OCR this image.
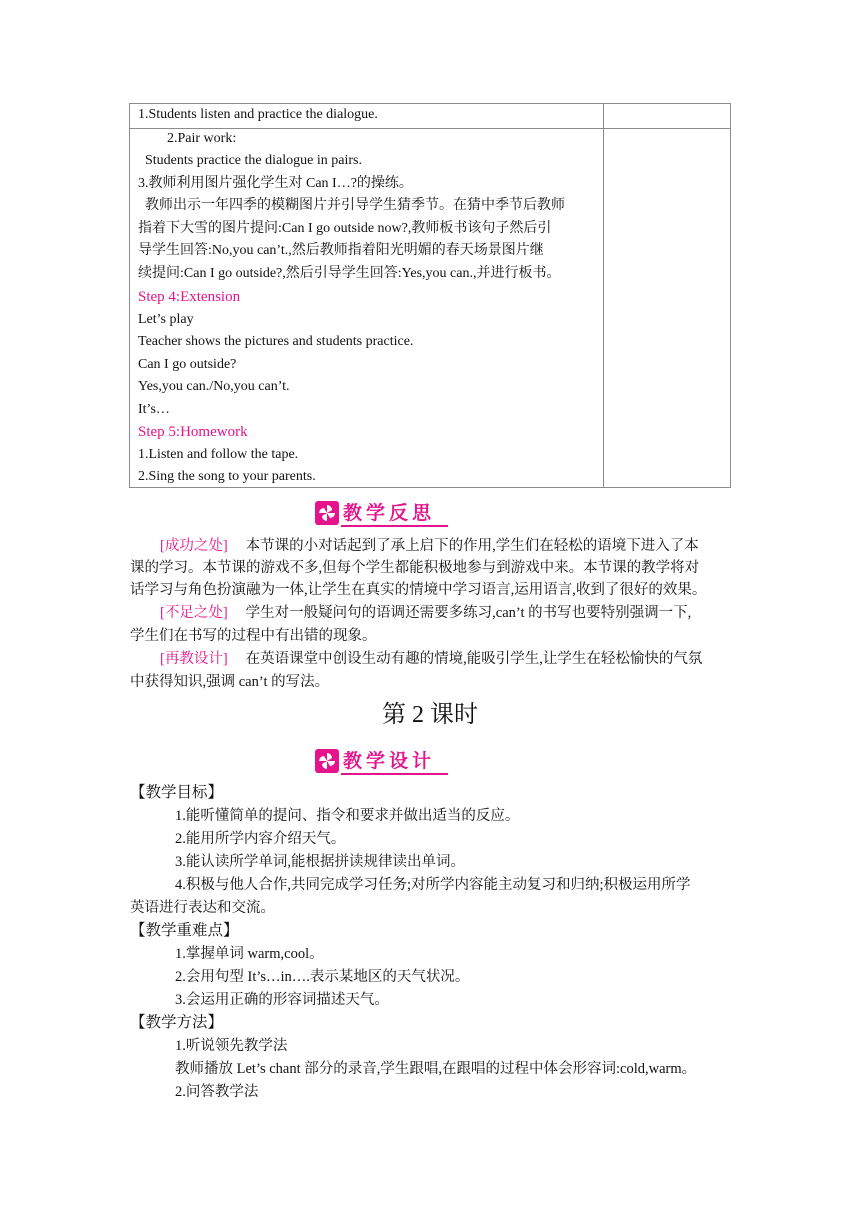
1.Students listen and practice the dialogue.
2.Pair work:
Students practice the dialogue in pairs.
3.教师利用图片强化学生对 Can I…?的操练。
教师出示一年四季的模糊图片并引导学生猜季节。在猜中季节后教师
指着下大雪的图片提问:Can I go outside now?,教师板书该句子然后引
导学生回答:No,you can’t.,然后教师指着阳光明媚的春天场景图片继
续提问:Can I go outside?,然后引导学生回答:Yes,you can.,并进行板书。
Step 4:Extension
Let’s play
Teacher shows the pictures and students practice.
Can I go outside?
Yes,you can./No,you can’t.
It’s…
Step 5:Homework
1.Listen and follow the tape.
2.Sing the song to your parents.
教学反思
[成功之处] 本节课的小对话起到了承上启下的作用,学生们在轻松的语境下进入了本
课的学习。本节课的游戏不多,但每个学生都能积极地参与到游戏中来。本节课的教学将对
话学习与角色扮演融为一体,让学生在真实的情境中学习语言,运用语言,收到了很好的效果。
[不足之处] 学生对一般疑问句的语调还需要多练习,can’t 的书写也要特别强调一下,
学生们在书写的过程中有出错的现象。
[再教设计] 在英语课堂中创设生动有趣的情境,能吸引学生,让学生在轻松愉快的气氛
中获得知识,强调 can’t 的写法。
第 2 课时
教学设计
【教学目标】
1.能听懂简单的提问、指令和要求并做出适当的反应。
2.能用所学内容介绍天气。
3.能认读所学单词,能根据拼读规律读出单词。
4.积极与他人合作,共同完成学习任务;对所学内容能主动复习和归纳;积极运用所学
英语进行表达和交流。
【教学重难点】
1.掌握单词 warm,cool。
2.会用句型 It’s…in….表示某地区的天气状况。
3.会运用正确的形容词描述天气。
【教学方法】
1.听说领先教学法
教师播放 Let’s chant 部分的录音,学生跟唱,在跟唱的过程中体会形容词:cold,warm。
2.问答教学法
